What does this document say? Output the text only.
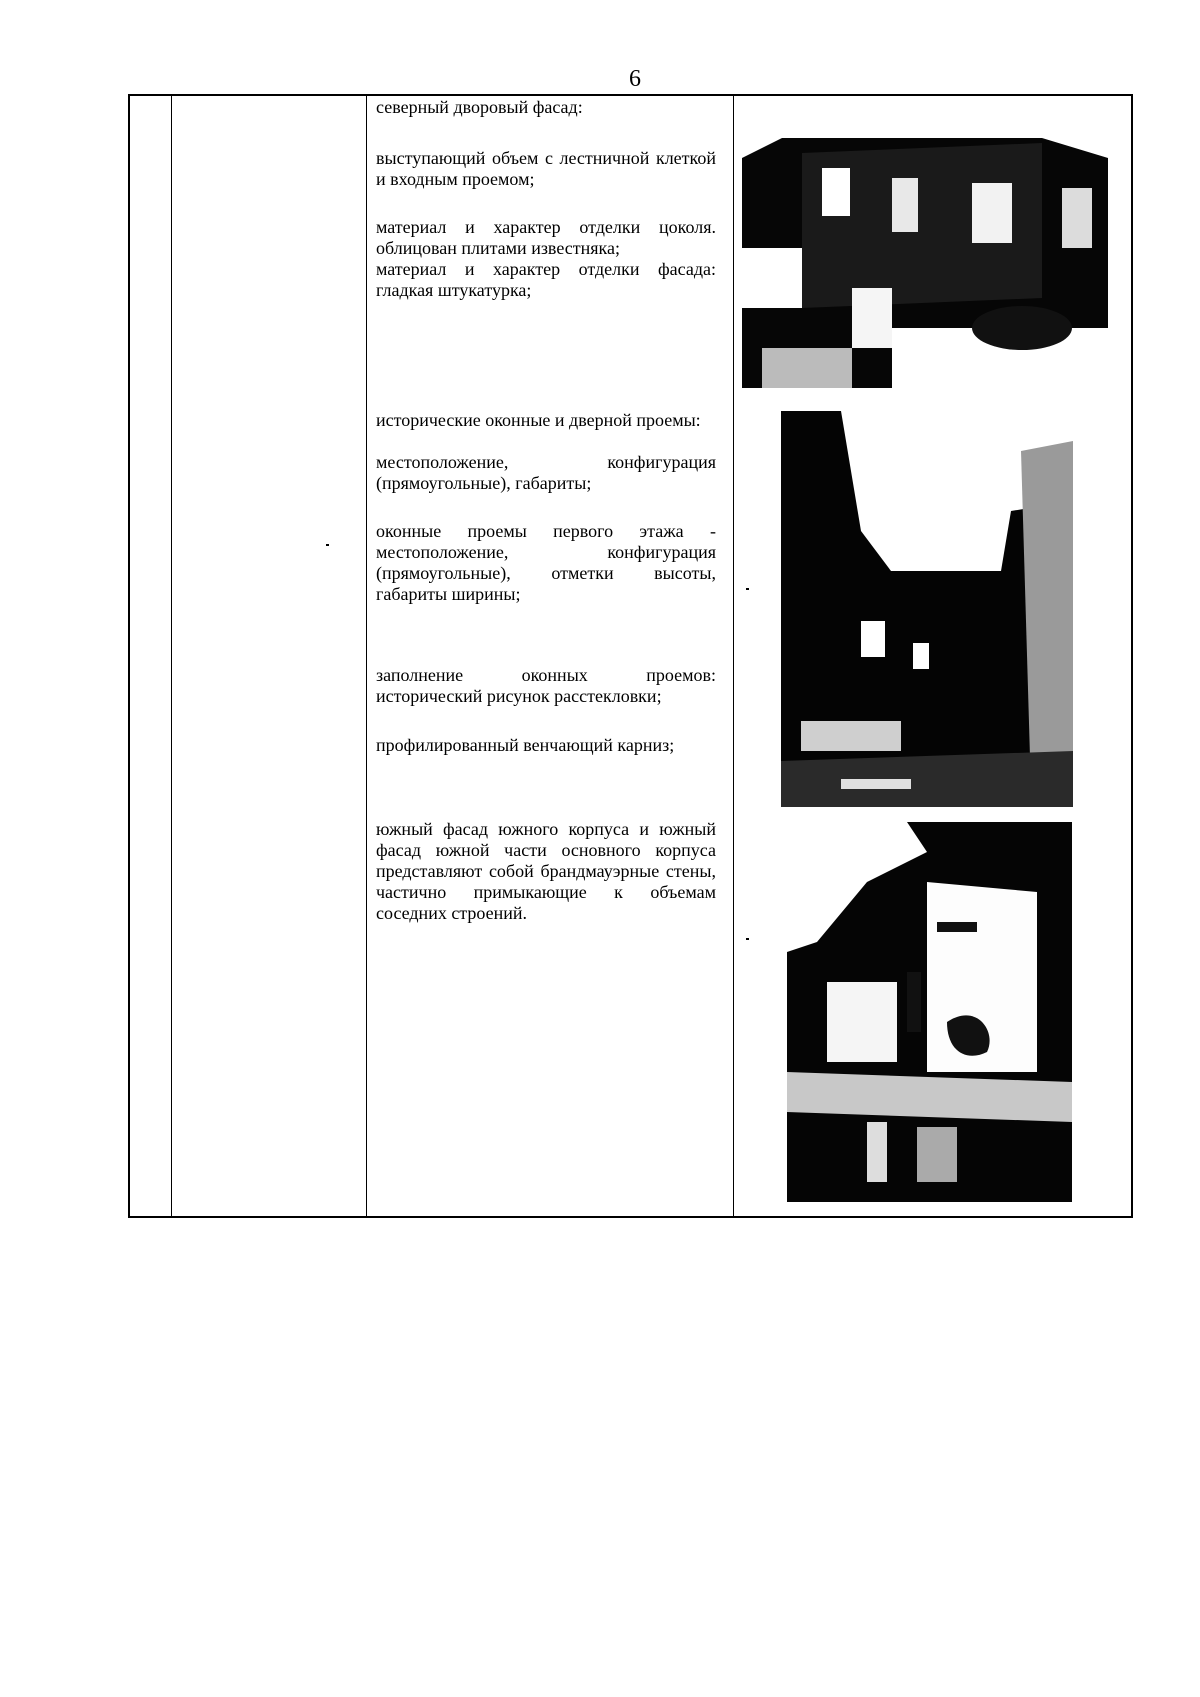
6
северный дворовый фасад:
выступающий объем с лестничной клеткой и входным проемом;
материал и характер отделки цоколя. облицован плитами известняка;
материал и характер отделки фасада: гладкая штукатурка;
исторические оконные и дверной проемы:
местоположение, конфигурация (прямоугольные), габариты;
оконные проемы первого этажа - местоположение, конфигурация (прямоугольные), отметки высоты, габариты ширины;
заполнение оконных проемов: исторический рисунок расстекловки;
профилированный венчающий карниз;
южный фасад южного корпуса и южный фасад южной части основного корпуса представляют собой брандмауэрные стены, частично примыкающие к объемам соседних строений.
